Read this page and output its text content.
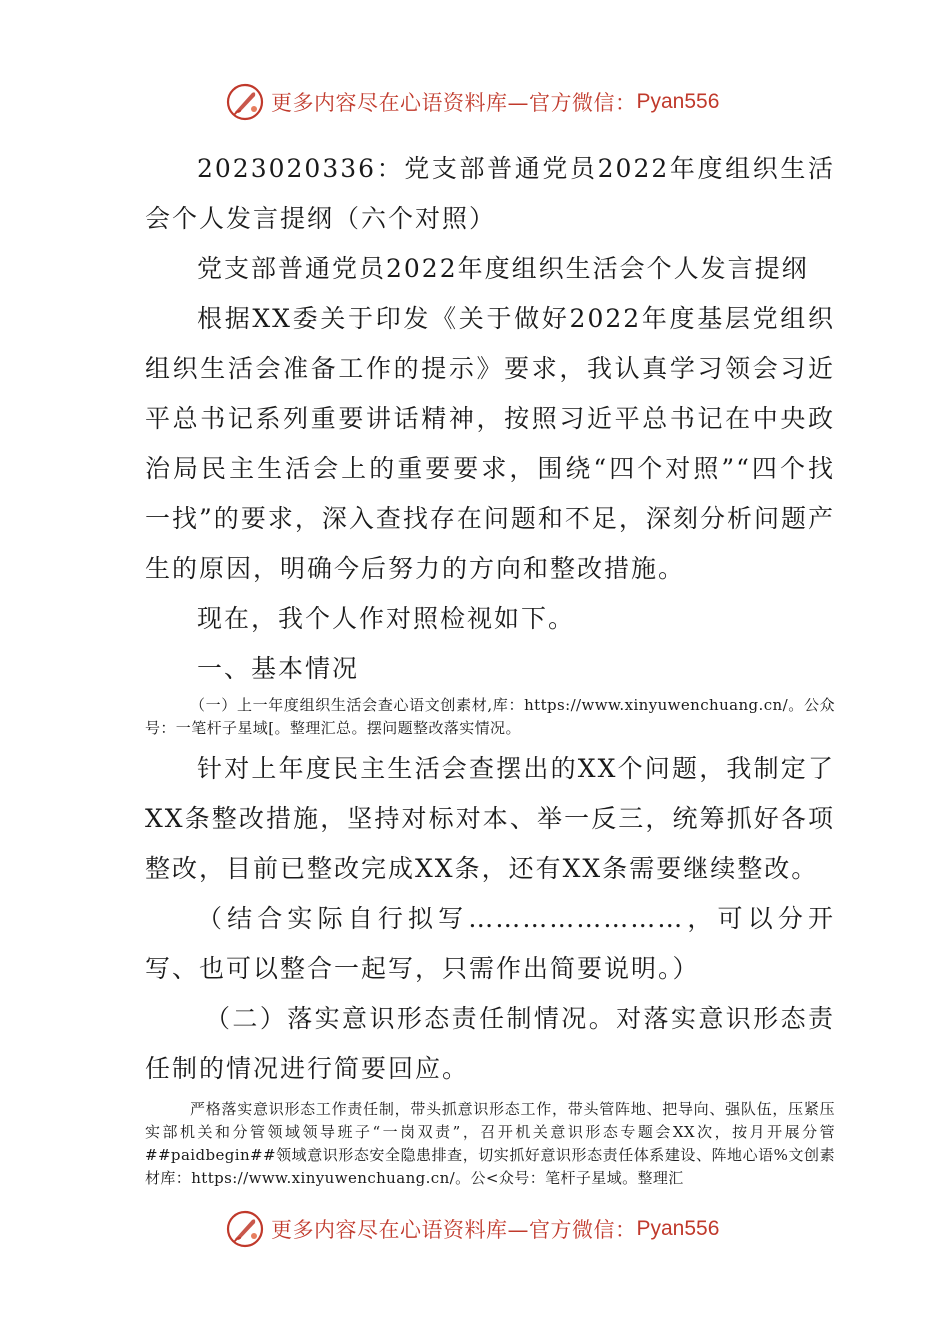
更多内容尽在心语资料库—官方微信： Pyan556

2023020336：党支部普通党员2022年度组织生活会个人发言提纲（六个对照）

党支部普通党员2022年度组织生活会个人发言提纲

根据XX委关于印发《关于做好2022年度基层党组织组织生活会准备工作的提示》要求，我认真学习领会习近平总书记系列重要讲话精神，按照习近平总书记在中央政治局民主生活会上的重要要求，围绕“四个对照”“四个找一找”的要求，深入查找存在问题和不足，深刻分析问题产生的原因，明确今后努力的方向和整改措施。

现在，我个人作对照检视如下。

一、基本情况

（一）上一年度组织生活会查心语文创素材,库：https://www.xinyuwenchuang.cn/。公众号：一笔杆子星域[。整理汇总。摆问题整改落实情况。

针对上年度民主生活会查摆出的XX个问题，我制定了XX条整改措施，坚持对标对本、举一反三，统筹抓好各项整改，目前已整改完成XX条，还有XX条需要继续整改。

（结合实际自行拟写……………………，可以分开写、也可以整合一起写，只需作出简要说明。）

（二）落实意识形态责任制情况。对落实意识形态责任制的情况进行简要回应。

严格落实意识形态工作责任制，带头抓意识形态工作，带头管阵地、把导向、强队伍，压紧压实部机关和分管领域领导班子“一岗双责”，召开机关意识形态专题会XX次，按月开展分管##paidbegin##领域意识形态安全隐患排查，切实抓好意识形态责任体系建设、阵地心语%文创素材库：https://www.xinyuwenchuang.cn/。公<众号：笔杆子星域。整理汇

更多内容尽在心语资料库—官方微信： Pyan556
